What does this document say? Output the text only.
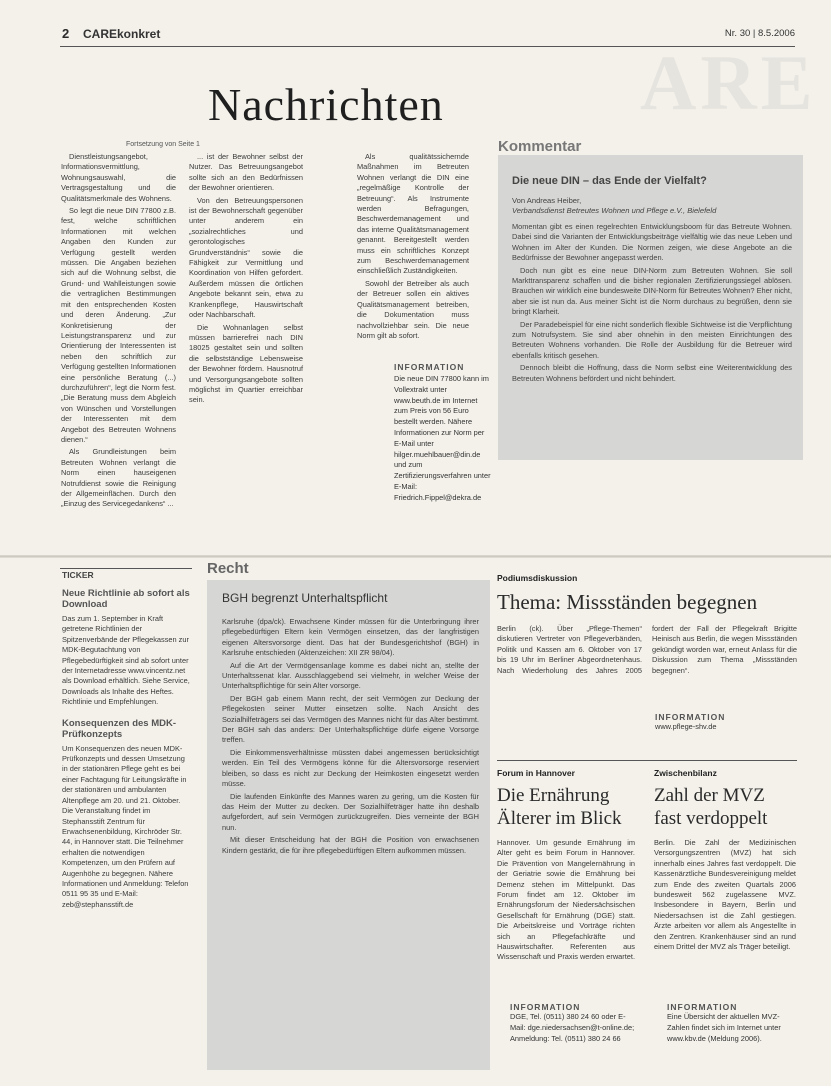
2 CAREkonkret	Nr. 30 | 8.5.2006
ARE
Nachrichten
Fortsetzung von Seite 1

Dienstleistungsangebot, Informationsvermittlung, Wohnungsauswahl, die Vertragsgestaltung und die Qualitätsmerkmale des Wohnens.

So legt die neue DIN 77800 z.B. fest, welche schriftlichen Informationen mit welchen Angaben den Kunden zur Verfügung gestellt werden müssen. Die Angaben beziehen sich auf die Wohnung selbst, die Grund- und Wahlleistungen sowie die vertraglichen Bestimmungen mit den entsprechenden Kosten und deren Änderung. „Zur Konkretisierung der Leistungstransparenz und zur Orientierung der Interessenten ist neben den schriftlich zur Verfügung gestellten Informationen eine persönliche Beratung (...) durchzuführen“, legt die Norm fest. „Die Beratung muss dem Abgleich von Wünschen und Vorstellungen der Interessenten mit dem Angebot des Betreuten Wohnens dienen.“

Als Grundleistungen beim Betreuten Wohnen verlangt die Norm einen hauseigenen Notrufdienst sowie die Reinigung der Allgemeinflächen. Durch den „Einzug des Servicegedankens“ ...

... ist der Bewohner selbst der Nutzer. Das Betreuungsangebot sollte sich an den Bedürfnissen der Bewohner orientieren.

Von den Betreuungspersonen ist der Bewohnerschaft gegenüber unter anderem ein „sozialrechtliches und gerontologisches Grundverständnis“ sowie die Fähigkeit zur Vermittlung und Koordination von Hilfen gefordert. Außerdem müssen die örtlichen Angebote bekannt sein, etwa zu Krankenpflege, Hauswirtschaft oder Nachbarschaft.

Die Wohnanlagen selbst müssen barrierefrei nach DIN 18025 gestaltet sein und sollten die selbstständige Lebensweise der Bewohner fördern. Hausnotruf und Versorgungsangebote sollten möglichst im Quartier erreichbar sein.

Als qualitätssichernde Maßnahmen im Betreuten Wohnen verlangt die DIN eine „regelmäßige Kontrolle der Betreuung“. Als Instrumente werden Befragungen, Beschwerdemanagement und das interne Qualitätsmanagement genannt. Bereitgestellt werden muss ein schriftliches Konzept zum Beschwerdemanagement einschließlich Zuständigkeiten.

Sowohl der Betreiber als auch der Betreuer sollen ein aktives Qualitätsmanagement betreiben, die Dokumentation muss nachvollziehbar sein. Die neue Norm gilt ab sofort.

INFORMATION
Die neue DIN 77800 kann im Vollextrakt unter www.beuth.de im Internet zum Preis von 56 Euro bestellt werden. Nähere Informationen zur Norm per E-Mail unter hilger.muehlbauer@din.de und zum Zertifizierungsverfahren unter E-Mail: Friedrich.Fippel@dekra.de
Kommentar
Die neue DIN – das Ende der Vielfalt?
Von Andreas Heiber,
Verbandsdienst Betreutes Wohnen und Pflege e.V., Bielefeld

Momentan gibt es einen regelrechten Entwicklungsboom für das Betreute Wohnen. Dabei sind die Varianten der Entwicklungsbeiträge vielfältig wie das neue Leben und Wohnen im Alter der Kunden. Die Normen zeigen, wie diese Angebote an die Bedürfnisse der Bewohner angepasst werden.

Doch nun gibt es eine neue DIN-Norm zum Betreuten Wohnen. Sie soll Markttransparenz schaffen und die bisher regionalen Zertifizierungssiegel ablösen. Brauchen wir wirklich eine bundesweite DIN-Norm für Betreutes Wohnen? Eher nicht, aber sie ist nun da. Aus meiner Sicht ist die Norm durchaus zu begrüßen, denn sie bringt Klarheit.

Der Paradebeispiel für eine nicht sonderlich flexible Sichtweise ist die Verpflichtung zum Notrufsystem. Sie sind aber ohnehin in den meisten Einrichtungen des Betreuten Wohnens vorhanden. Die Rolle der Ausbildung für die Betreuer wird ebenfalls kritisch gesehen.

Dennoch bleibt die Hoffnung, dass die Norm selbst eine Weiterentwicklung des Betreuten Wohnens befördert und nicht behindert.

TICKER
Neue Richtlinie ab sofort als Download
Das zum 1. September in Kraft getretene Richtlinien der Spitzenverbände der Pflegekassen zur MDK-Begutachtung von Pflegebedürftigkeit sind ab sofort unter der Internetadresse www.vincentz.net als Download erhältlich. Siehe Service, Downloads als Inhalte des Heftes. Richtlinie und Empfehlungen.
Konsequenzen des MDK-Prüfkonzepts
Um Konsequenzen des neuen MDK-Prüfkonzepts und dessen Umsetzung in der stationären Pflege geht es bei einer Fachtagung für Leitungskräfte in der stationären und ambulanten Altenpflege am 20. und 21. Oktober. Die Veranstaltung findet im Stephansstift Zentrum für Erwachsenenbildung, Kirchröder Str. 44, in Hannover statt. Die Teilnehmer erhalten die notwendigen Kompetenzen, um den Prüfern auf Augenhöhe zu begegnen. Nähere Informationen und Anmeldung: Telefon 0511 95 35 und E-Mail: zeb@stephansstift.de
Recht
BGH begrenzt Unterhaltspflicht

Karlsruhe (dpa/ck). Erwachsene Kinder müssen für die Unterbringung ihrer pflegebedürftigen Eltern kein Vermögen einsetzen, das der langfristigen eigenen Altersvorsorge dient. Das hat der Bundesgerichtshof (BGH) in Karlsruhe entschieden (Aktenzeichen: XII ZR 98/04).

Auf die Art der Vermögensanlage komme es dabei nicht an, stellte der Unterhaltssenat klar. Ausschlaggebend sei vielmehr, in welcher Weise der Unterhaltspflichtige für sein Alter vorsorge.

Der BGH gab einem Mann recht, der seit Vermögen zur Deckung der Pflegekosten seiner Mutter einsetzen sollte. Nach Ansicht des Sozialhilfeträgers sei das Vermögen des Mannes nicht für das Alter bestimmt. Der BGH sah das anders: Der Unterhaltspflichtige dürfe eigene Vorsorge treffen.

Die Einkommensverhältnisse müssten dabei angemessen berücksichtigt werden. Ein Teil des Vermögens könne für die Altersvorsorge reserviert bleiben, so dass es nicht zur Deckung der Heimkosten eingesetzt werden müsse.

Die laufenden Einkünfte des Mannes waren zu gering, um die Kosten für das Heim der Mutter zu decken. Der Sozialhilfeträger hatte ihn deshalb aufgefordert, auf sein Vermögen zurückzugreifen. Dies verneinte der BGH nun.

Mit dieser Entscheidung hat der BGH die Position von erwachsenen Kindern gestärkt, die für ihre pflegebedürftigen Eltern aufkommen müssen.

Podiumsdiskussion
Thema: Missständen begegnen
Berlin (ck). Über „Pflege-Themen“ diskutieren Vertreter von Pflegeverbänden, Politik und Kassen am 6. Oktober von 17 bis 19 Uhr im Berliner Abgeordnetenhaus. Nach Wiederholung des Jahres 2005 fordert der Fall der Pflegekraft Brigitte Heinisch aus Berlin, die wegen Missständen gekündigt worden war, erneut Anlass für die Diskussion zum Thema „Missständen begegnen“.
INFORMATION
www.pflege-shv.de
Forum in Hannover
Die Ernährung Älterer im Blick
Hannover. Um gesunde Ernährung im Alter geht es beim Forum in Hannover. Die Prävention von Mangelernährung in der Geriatrie sowie die Ernährung bei Demenz stehen im Mittelpunkt. Das Forum findet am 12. Oktober im Ernährungsforum der Niedersächsischen Gesellschaft für Ernährung (DGE) statt. Die Arbeitskreise und Vorträge richten sich an Pflegefachkräfte und Hauswirtschafter. Referenten aus Wissenschaft und Praxis werden erwartet.
INFORMATION
DGE, Tel. (0511) 380 24 60 oder E-Mail: dge.niedersachsen@t-online.de; Anmeldung: Tel. (0511) 380 24 66
Zwischenbilanz
Zahl der MVZ fast verdoppelt
Berlin. Die Zahl der Medizinischen Versorgungszentren (MVZ) hat sich innerhalb eines Jahres fast verdoppelt. Die Kassenärztliche Bundesvereinigung meldet zum Ende des zweiten Quartals 2006 bundesweit 562 zugelassene MVZ. Insbesondere in Bayern, Berlin und Niedersachsen ist die Zahl gestiegen. Ärzte arbeiten vor allem als Angestellte in den Zentren. Krankenhäuser sind an rund einem Drittel der MVZ als Träger beteiligt.
INFORMATION
Eine Übersicht der aktuellen MVZ-Zahlen findet sich im Internet unter www.kbv.de (Meldung 2006).
